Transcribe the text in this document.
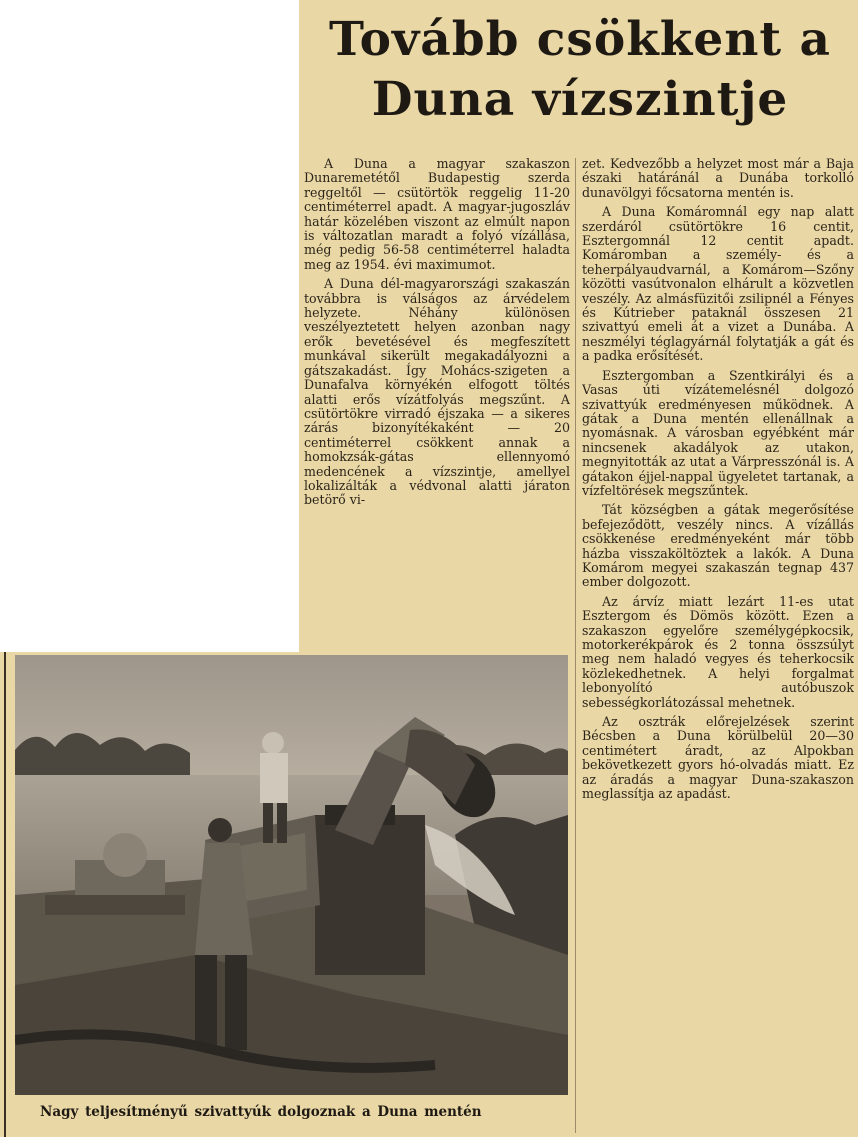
Tovább csökkent a Duna vízszintje

A Duna a magyar szakaszon Dunaremetétől Budapestig szerda reggeltől — csütörtök reggelig 11-20 centiméterrel apadt. A magyar-jugoszláv határ közelében viszont az elmúlt napon is változatlan maradt a folyó vízállása, még pedig 56-58 centiméterrel haladta meg az 1954. évi maximumot.

A Duna dél-magyarországi szakaszán továbbra is válságos az árvédelem helyzete. Néhány különösen veszélyeztetett helyen azonban nagy erők bevetésével és megfeszített munkával sikerült megakadályozni a gátszakadást. Így Mohács-szigeten a Dunafalva környékén elfogott töltés alatti erős vízátfolyás megszűnt. A csütörtökre virradó éjszaka — a sikeres zárás bizonyítékaként — 20 centiméterrel csökkent annak a homokzsák-gátas ellennyomó medencének a vízszintje, amellyel lokalizálták a védvonal alatti járaton betörő vi-

zet. Kedvezőbb a helyzet most már a Baja északi határánál a Dunába torkolló dunavölgyi főcsatorna mentén is.

A Duna Komáromnál egy nap alatt szerdáról csütörtökre 16 centit, Esztergomnál 12 centit apadt. Komáromban a személy- és a teherpályaudvarnál, a Komárom—Szőny közötti vasútvonalon elhárult a közvetlen veszély. Az almásfüzitői zsilipnél a Fényes és Kútrieber pataknál összesen 21 szivattyú emeli át a vizet a Dunába. A neszmélyi téglagyárnál folytatják a gát és a padka erősítését.

Esztergomban a Szentkirályi és a Vasas úti vízátemelésnél dolgozó szivattyúk eredményesen működnek. A gátak a Duna mentén ellenállnak a nyomásnak. A városban egyébként már nincsenek akadályok az utakon, megnyitották az utat a Várpresszónál is. A gátakon éjjel-nappal ügyeletet tartanak, a vízfeltörések megszűntek.

Tát községben a gátak megerősítése befejeződött, veszély nincs. A vízállás csökkenése eredményeként már több házba visszaköltöztek a lakók. A Duna Komárom megyei szakaszán tegnap 437 ember dolgozott.

Az árvíz miatt lezárt 11-es utat Esztergom és Dömös között. Ezen a szakaszon egyelőre személygépkocsik, motorkerékpárok és 2 tonna összsúlyt meg nem haladó vegyes és teherkocsik közlekedhetnek. A helyi forgalmat lebonyolító autóbuszok sebességkorlátozással mehetnek.

Az osztrák előrejelzések szerint Bécsben a Duna körülbelül 20—30 centimétert áradt, az Alpokban bekövetkezett gyors hó-olvadás miatt. Ez az áradás a magyar Duna-szakaszon meglassítja az apadást.

Nagy teljesítményű szivattyúk dolgoznak a Duna mentén
